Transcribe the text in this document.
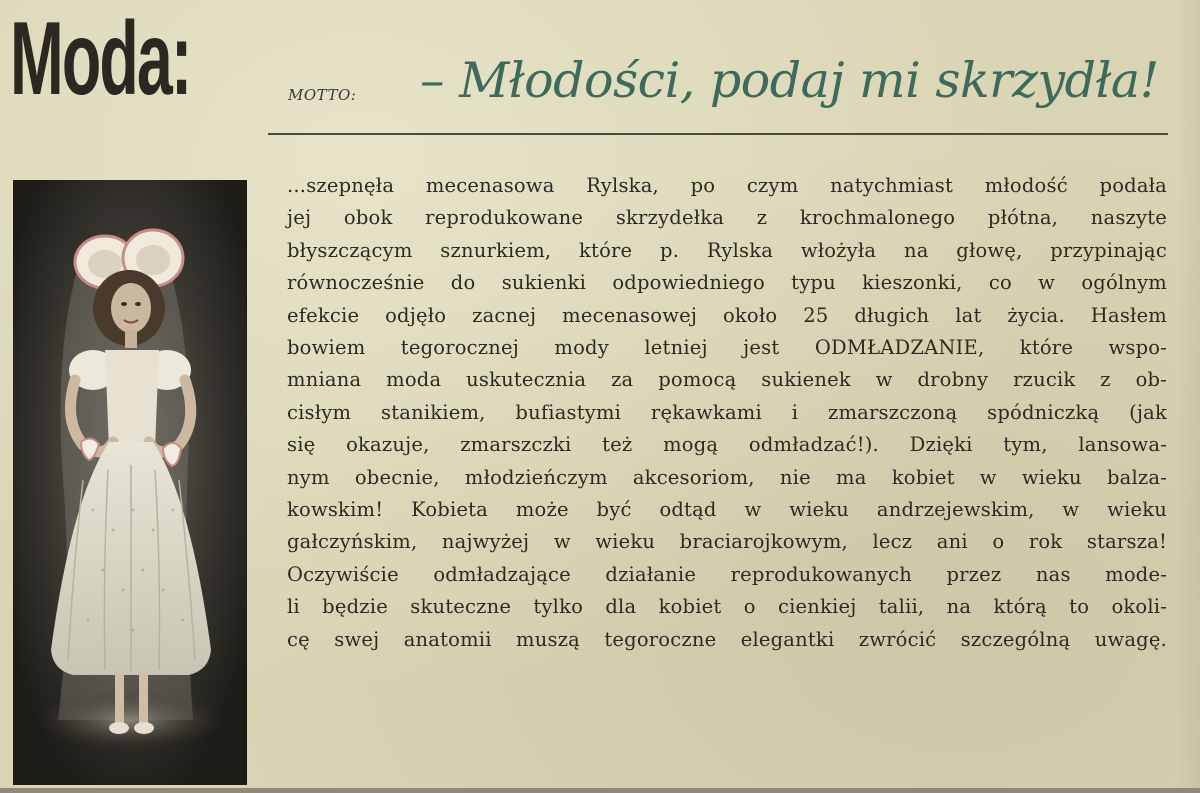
Moda:	MOTTO: – Młodości, podaj mi skrzydła!
...szepnęła mecenasowa Rylska, po czym natychmiast młodość podała
jej obok reprodukowane skrzydełka z krochmalonego płótna, naszyte
błyszczącym sznurkiem, które p. Rylska włożyła na głowę, przypinając
równocześnie do sukienki odpowiedniego typu kieszonki, co w ogólnym
efekcie odjęło zacnej mecenasowej około 25 długich lat życia. Hasłem
bowiem tegorocznej mody letniej jest ODMŁADZANIE, które wspo-
mniana moda uskutecznia za pomocą sukienek w drobny rzucik z ob-
cisłym stanikiem, bufiastymi rękawkami i zmarszczoną spódniczką (jak
się okazuje, zmarszczki też mogą odmładzać!). Dzięki tym, lansowa-
nym obecnie, młodzieńczym akcesoriom, nie ma kobiet w wieku balza-
kowskim! Kobieta może być odtąd w wieku andrzejewskim, w wieku
gałczyńskim, najwyżej w wieku braciarojkowym, lecz ani o rok starsza!
Oczywiście odmładzające działanie reprodukowanych przez nas mode-
li będzie skuteczne tylko dla kobiet o cienkiej talii, na którą to okoli-
cę swej anatomii muszą tegoroczne elegantki zwrócić szczególną uwagę.
